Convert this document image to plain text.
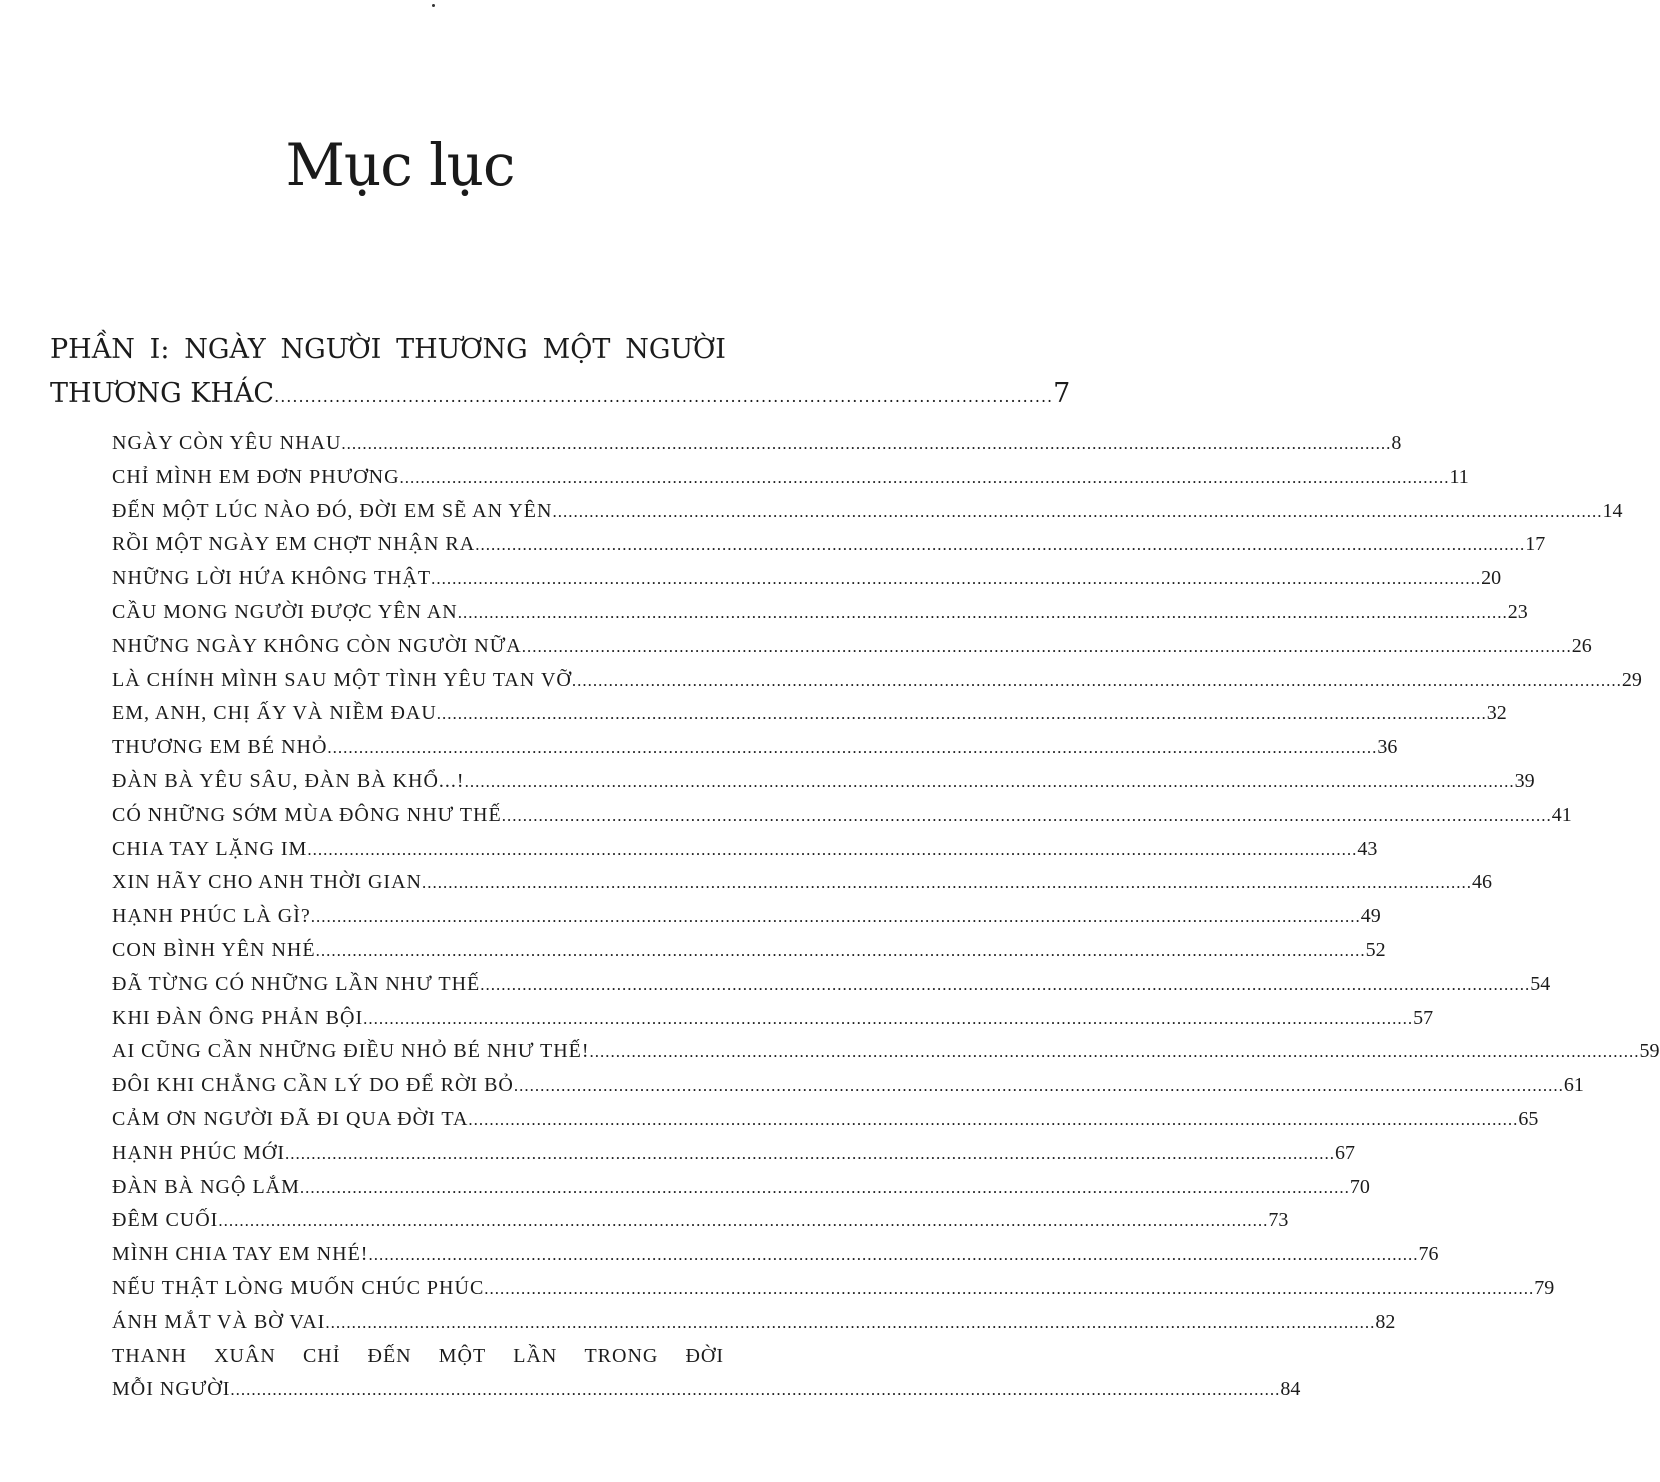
Mục lục
PHẦN I: NGÀY NGƯỜI THƯƠNG MỘT NGƯỜI
THƯƠNG KHÁC ................................................................................................................................ 7
NGÀY CÒN YÊU NHAU ........................................................................................................................................................................................................ 8
CHỈ MÌNH EM ĐƠN PHƯƠNG ........................................................................................................................................................................................................ 11
ĐẾN MỘT LÚC NÀO ĐÓ, ĐỜI EM SẼ AN YÊN ........................................................................................................................................................................................................ 14
RỒI MỘT NGÀY EM CHỢT NHẬN RA ........................................................................................................................................................................................................ 17
NHỮNG LỜI HỨA KHÔNG THẬT ........................................................................................................................................................................................................ 20
CẦU MONG NGƯỜI ĐƯỢC YÊN AN ........................................................................................................................................................................................................ 23
NHỮNG NGÀY KHÔNG CÒN NGƯỜI NỮA ........................................................................................................................................................................................................ 26
LÀ CHÍNH MÌNH SAU MỘT TÌNH YÊU TAN VỠ ........................................................................................................................................................................................................ 29
EM, ANH, CHỊ ẤY VÀ NIỀM ĐAU ........................................................................................................................................................................................................ 32
THƯƠNG EM BÉ NHỎ ........................................................................................................................................................................................................ 36
ĐÀN BÀ YÊU SÂU, ĐÀN BÀ KHỔ...! ........................................................................................................................................................................................................ 39
CÓ NHỮNG SỚM MÙA ĐÔNG NHƯ THẾ ........................................................................................................................................................................................................ 41
CHIA TAY LẶNG IM ........................................................................................................................................................................................................ 43
XIN HÃY CHO ANH THỜI GIAN ........................................................................................................................................................................................................ 46
HẠNH PHÚC LÀ GÌ? ........................................................................................................................................................................................................ 49
CON BÌNH YÊN NHÉ ........................................................................................................................................................................................................ 52
ĐÃ TỪNG CÓ NHỮNG LẦN NHƯ THẾ ........................................................................................................................................................................................................ 54
KHI ĐÀN ÔNG PHẢN BỘI ........................................................................................................................................................................................................ 57
AI CŨNG CẦN NHỮNG ĐIỀU NHỎ BÉ NHƯ THẾ! ........................................................................................................................................................................................................ 59
ĐÔI KHI CHẲNG CẦN LÝ DO ĐỂ RỜI BỎ ........................................................................................................................................................................................................ 61
CẢM ƠN NGƯỜI ĐÃ ĐI QUA ĐỜI TA ........................................................................................................................................................................................................ 65
HẠNH PHÚC MỚI ........................................................................................................................................................................................................ 67
ĐÀN BÀ NGỘ LẮM ........................................................................................................................................................................................................ 70
ĐÊM CUỐI ........................................................................................................................................................................................................ 73
MÌNH CHIA TAY EM NHÉ! ........................................................................................................................................................................................................ 76
NẾU THẬT LÒNG MUỐN CHÚC PHÚC ........................................................................................................................................................................................................ 79
ÁNH MẮT VÀ BỜ VAI ........................................................................................................................................................................................................ 82
THANH XUÂN CHỈ ĐẾN MỘT LẦN TRONG ĐỜI
MỖI NGƯỜI ........................................................................................................................................................................................................ 84
